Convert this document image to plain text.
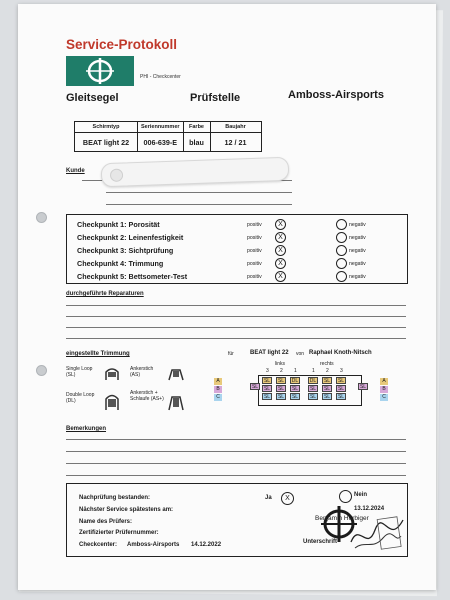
Service-Protokoll
PHI - Checkcenter
Gleitsegel	Prüfstelle	Amboss-Airsports
Schirmtyp	Seriennummer	Farbe	Baujahr
BEAT light 22	006-639-E	blau	12 / 21
Kunde
Checkpunkt 1: Porosität	positiv	X	negativ
Checkpunkt 2: Leinenfestigkeit	positiv	X	negativ
Checkpunkt 3: Sichtprüfung	positiv	X	negativ
Checkpunkt 4: Trimmung	positiv	X	negativ
Checkpunkt 5: Bettsometer-Test	positiv	X	negativ
durchgeführte Reparaturen
eingestellte Trimmung	für	BEAT light 22 von Raphael Knoth-Nitsch
Single Loop (SL)
Ankerstich (AS)
Double Loop (DL)
Ankerstich + Schlaufe (AS+)
A
B
C
links	rechts
3 2 1	1 2 3
SL	SL
SL	SL	DL	DL	SL	SL
SL	SL	SL	SL	SL	SL
SL	SL	SL	SL	SL	SL
A
B
C
Bemerkungen
Nachprüfung bestanden:	Ja	X	Nein
Nächster Service spätestens am:	13.12.2024
Name des Prüfers:	Benjamin Hörbiger
Zertifizierter Prüfernummer:
Checkcenter: Amboss-Airsports 14.12.2022	Unterschrift
